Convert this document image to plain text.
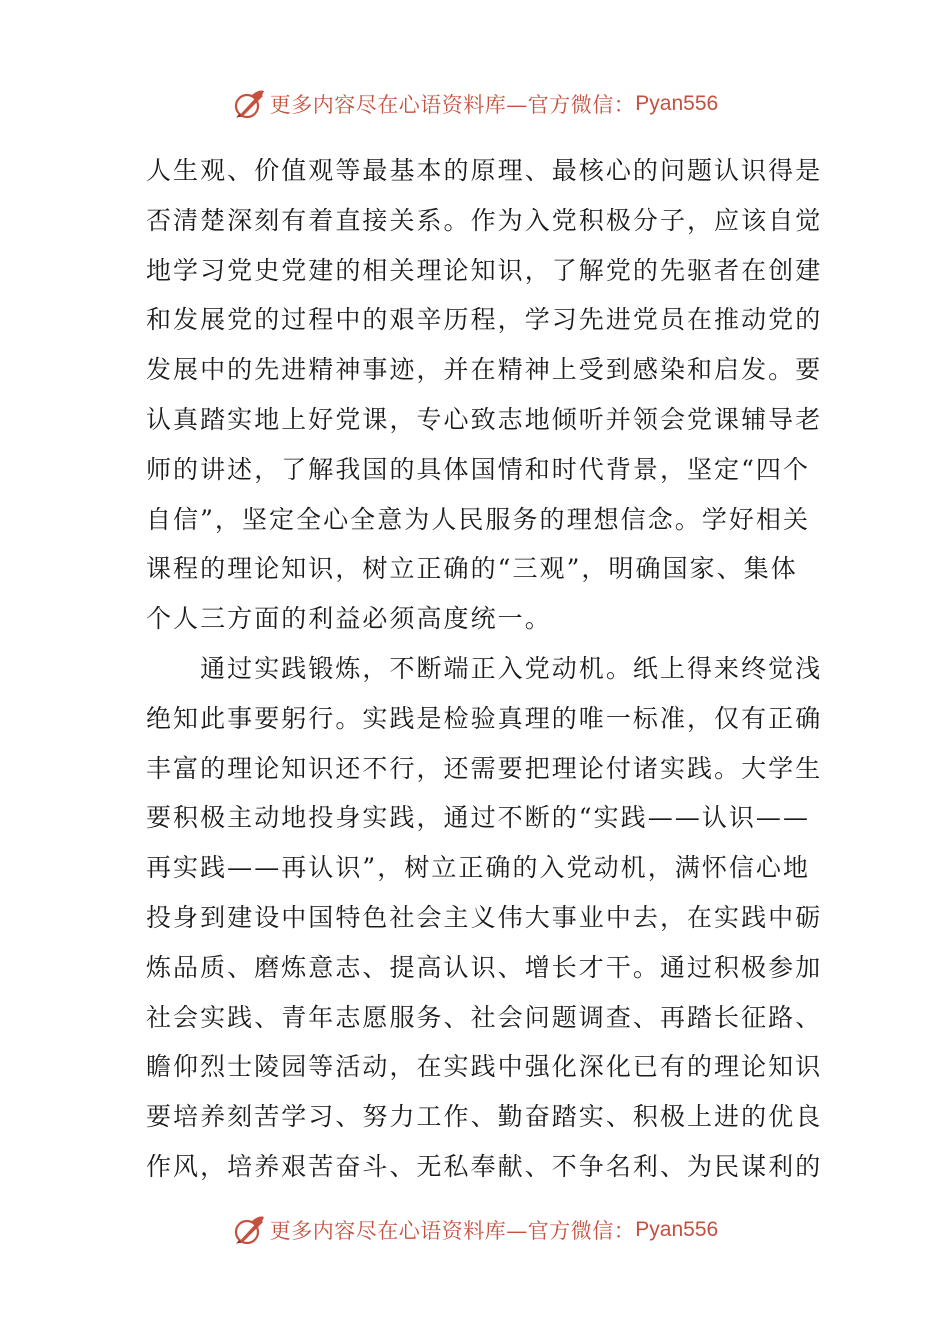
更多内容尽在心语资料库—官方微信： Pyan556
人生观、价值观等最基本的原理、最核心的问题认识得是
否清楚深刻有着直接关系。作为入党积极分子，应该自觉
地学习党史党建的相关理论知识，了解党的先驱者在创建
和发展党的过程中的艰辛历程，学习先进党员在推动党的
发展中的先进精神事迹，并在精神上受到感染和启发。要
认真踏实地上好党课，专心致志地倾听并领会党课辅导老
师的讲述，了解我国的具体国情和时代背景，坚定“四个
自信”，坚定全心全意为人民服务的理想信念。学好相关
课程的理论知识，树立正确的“三观”，明确国家、集体
个人三方面的利益必须高度统一。
　　通过实践锻炼，不断端正入党动机。纸上得来终觉浅
绝知此事要躬行。实践是检验真理的唯一标准，仅有正确
丰富的理论知识还不行，还需要把理论付诸实践。大学生
要积极主动地投身实践，通过不断的“实践——认识——
再实践——再认识”，树立正确的入党动机，满怀信心地
投身到建设中国特色社会主义伟大事业中去，在实践中砺
炼品质、磨炼意志、提高认识、增长才干。通过积极参加
社会实践、青年志愿服务、社会问题调查、再踏长征路、
瞻仰烈士陵园等活动，在实践中强化深化已有的理论知识
要培养刻苦学习、努力工作、勤奋踏实、积极上进的优良
作风，培养艰苦奋斗、无私奉献、不争名利、为民谋利的
更多内容尽在心语资料库—官方微信： Pyan556
